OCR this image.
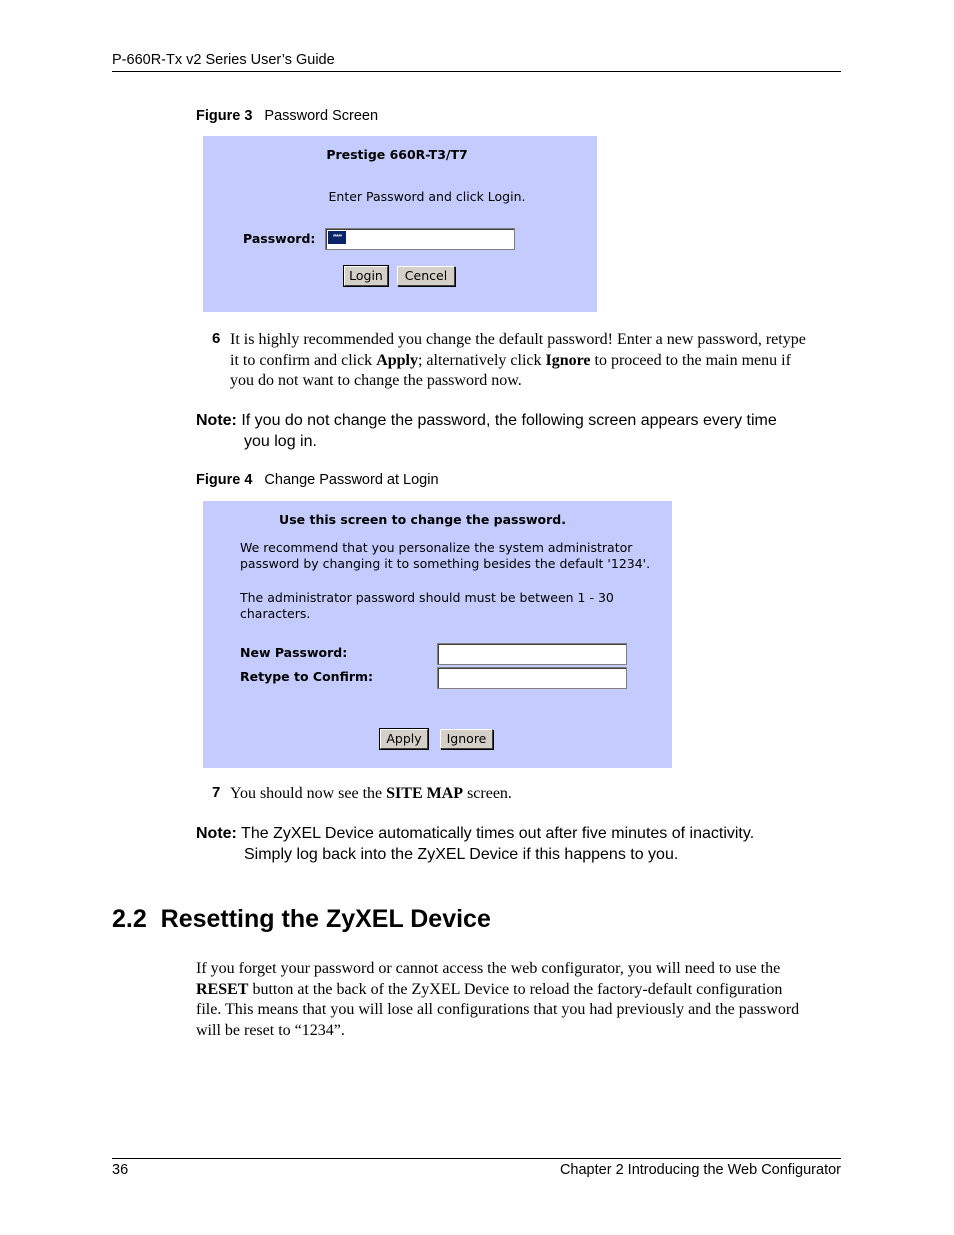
P-660R-Tx v2 Series User’s Guide
Figure 3 Password Screen
Prestige 660R-T3/T7
Enter Password and click Login.
Password:	*****
Login	Cencel
6 It is highly recommended you change the default password! Enter a new password, retype
it to confirm and click Apply; alternatively click Ignore to proceed to the main menu if
you do not want to change the password now.
Note: If you do not change the password, the following screen appears every time
you log in.
Figure 4 Change Password at Login
Use this screen to change the password.
We recommend that you personalize the system administrator
password by changing it to something besides the default '1234'.
The administrator password should must be between 1 - 30
characters.
New Password:
Retype to Confirm:
Apply	Ignore
7 You should now see the SITE MAP screen.
Note: The ZyXEL Device automatically times out after five minutes of inactivity.
Simply log back into the ZyXEL Device if this happens to you.
2.2  Resetting the ZyXEL Device
If you forget your password or cannot access the web configurator, you will need to use the
RESET button at the back of the ZyXEL Device to reload the factory-default configuration
file. This means that you will lose all configurations that you had previously and the password
will be reset to “1234”.
36	Chapter 2 Introducing the Web Configurator
